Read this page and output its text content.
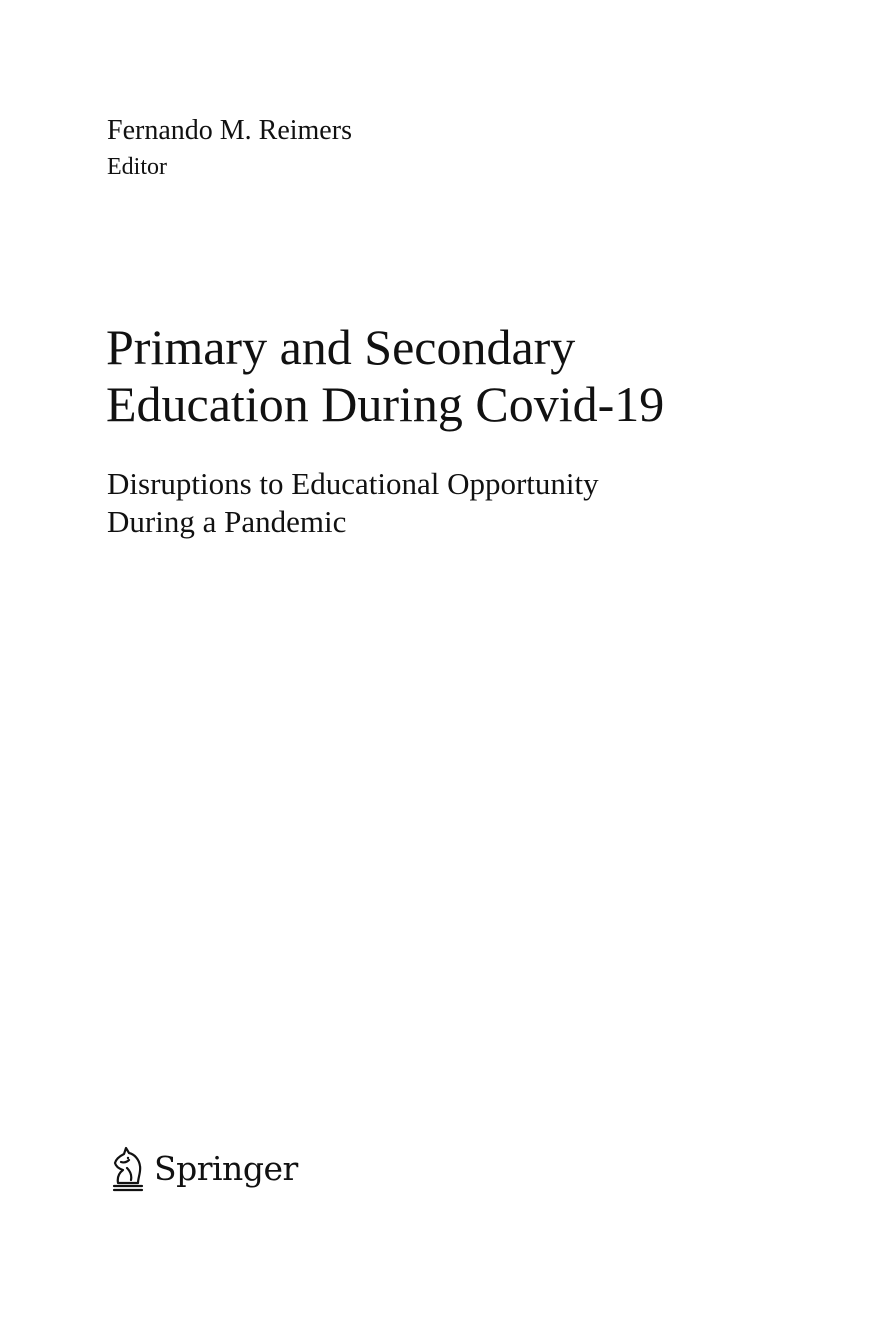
Fernando M. Reimers
Editor
Primary and Secondary
Education During Covid-19
Disruptions to Educational Opportunity
During a Pandemic
Springer
